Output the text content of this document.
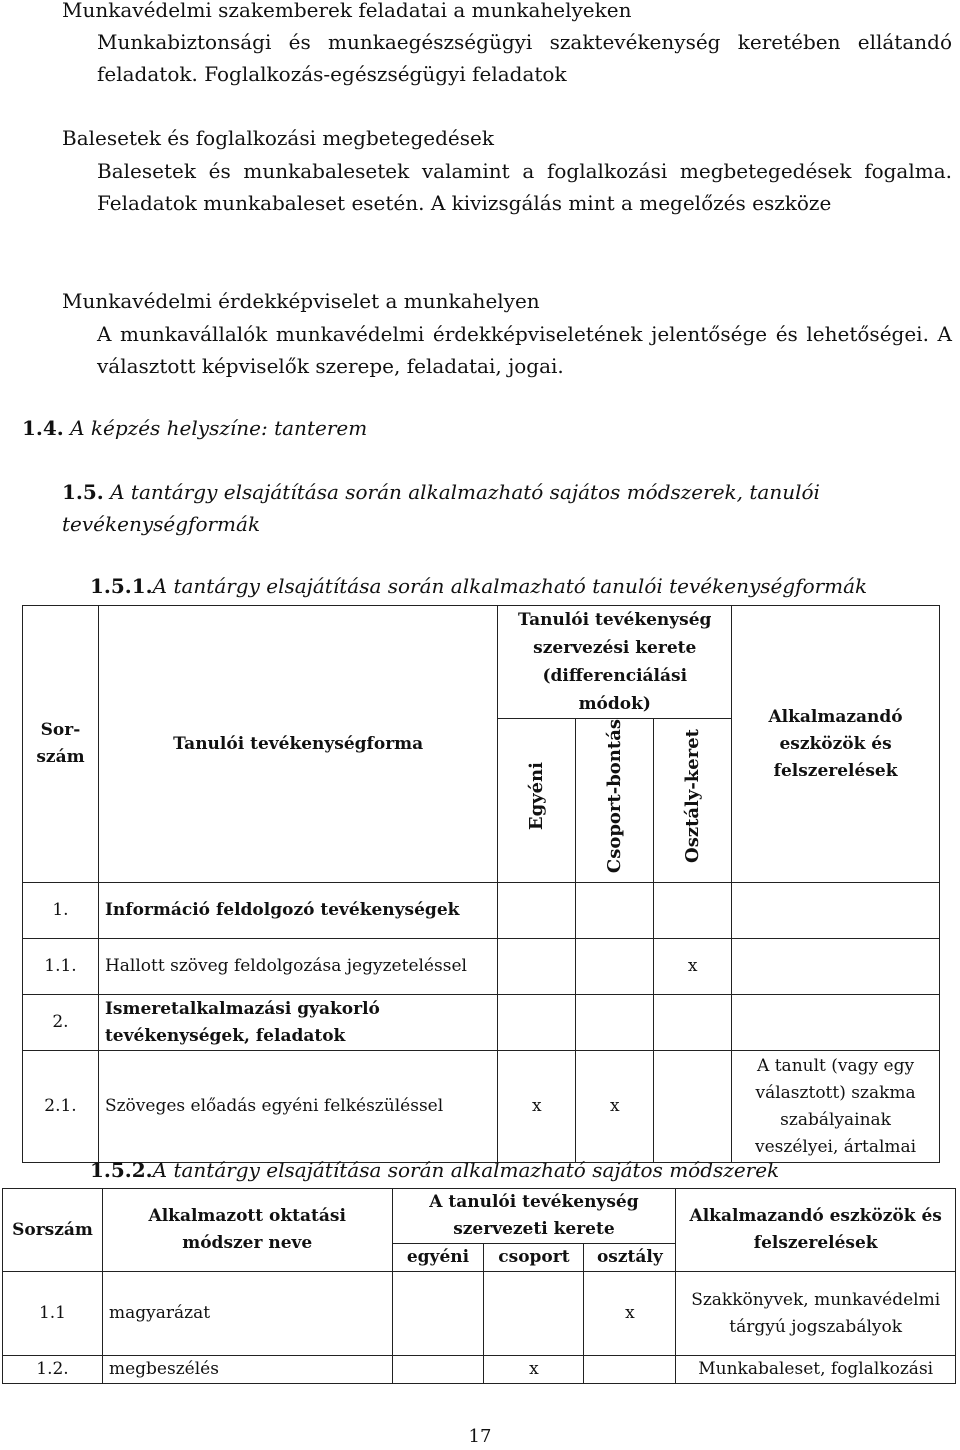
Munkavédelmi szakemberek feladatai a munkahelyeken

Munkabiztonsági és munkaegészségügyi szaktevékenység keretében ellátandó feladatok. Foglalkozás-egészségügyi feladatok

Balesetek és foglalkozási megbetegedések

Balesetek és munkabalesetek valamint a foglalkozási megbetegedések fogalma. Feladatok munkabaleset esetén. A kivizsgálás mint a megelőzés eszköze

Munkavédelmi érdekképviselet a munkahelyen

A munkavállalók munkavédelmi érdekképviseletének jelentősége és lehetőségei. A választott képviselők szerepe, feladatai, jogai.

1.4. A képzés helyszíne: tanterem

1.5. A tantárgy elsajátítása során alkalmazható sajátos módszerek, tanulói tevékenységformák

1.5.1.A tantárgy elsajátítása során alkalmazható tanulói tevékenységformák

Sor-szám	Tanulói tevékenységforma	Tanulói tevékenység szervezési kerete (differenciálási módok)			Alkalmazandó eszközök és felszerelések
		Egyéni	Csoport-bontás	Osztály-keret	
1.	Információ feldolgozó tevékenységek				
1.1.	Hallott szöveg feldolgozása jegyzeteléssel			x	
2.	Ismeretalkalmazási gyakorló tevékenységek, feladatok				
2.1.	Szöveges előadás egyéni felkészüléssel	x	x		A tanult (vagy egy választott) szakma szabályainak veszélyei, ártalmai

1.5.2.A tantárgy elsajátítása során alkalmazható sajátos módszerek

Sorszám	Alkalmazott oktatási módszer neve	A tanulói tevékenység szervezeti kerete			Alkalmazandó eszközök és felszerelések
		egyéni	csoport	osztály	
1.1	magyarázat			x	Szakkönyvek, munkavédelmi tárgyú jogszabályok
1.2.	megbeszélés		x		Munkabaleset, foglalkozási
17
